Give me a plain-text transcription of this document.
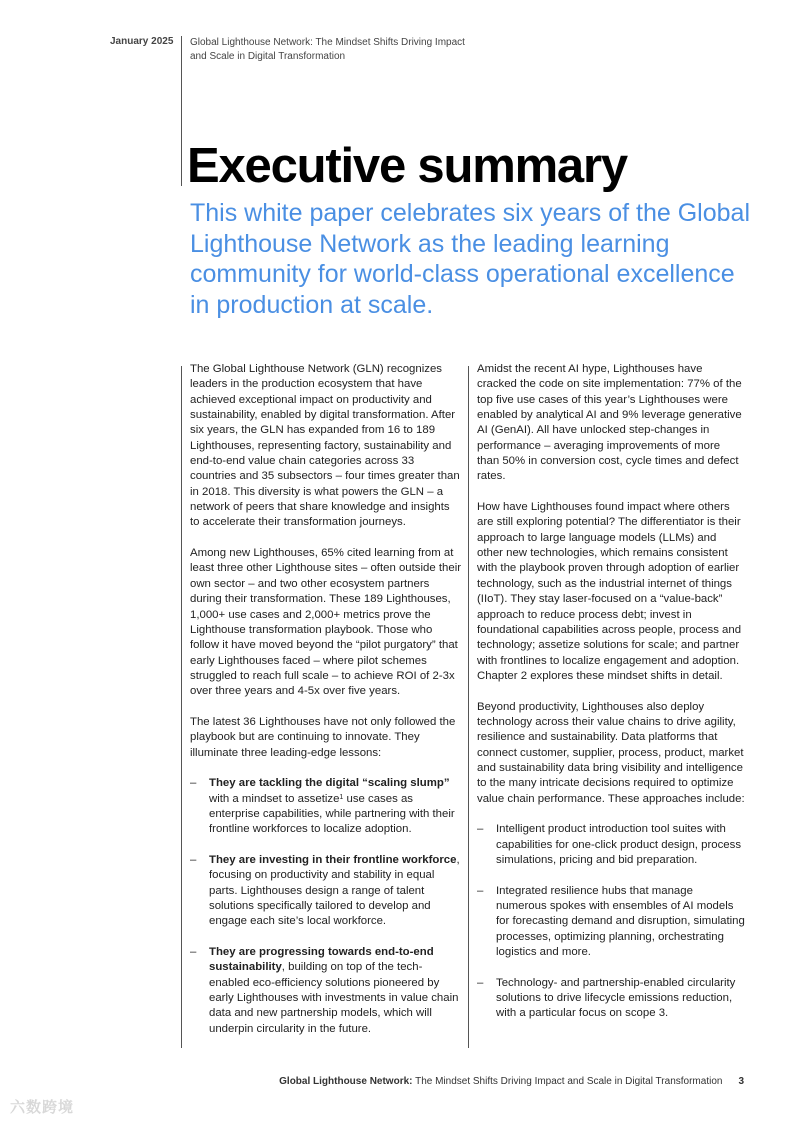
January 2025 Global Lighthouse Network: The Mindset Shifts Driving Impact and Scale in Digital Transformation
Executive summary

This white paper celebrates six years of the Global Lighthouse Network as the leading learning community for world-class operational excellence in production at scale.

The Global Lighthouse Network (GLN) recognizes leaders in the production ecosystem that have achieved exceptional impact on productivity and sustainability, enabled by digital transformation. After six years, the GLN has expanded from 16 to 189 Lighthouses, representing factory, sustainability and end-to-end value chain categories across 33 countries and 35 subsectors – four times greater than in 2018. This diversity is what powers the GLN – a network of peers that share knowledge and insights to accelerate their transformation journeys.

Among new Lighthouses, 65% cited learning from at least three other Lighthouse sites – often outside their own sector – and two other ecosystem partners during their transformation. These 189 Lighthouses, 1,000+ use cases and 2,000+ metrics prove the Lighthouse transformation playbook. Those who follow it have moved beyond the “pilot purgatory” that early Lighthouses faced – where pilot schemes struggled to reach full scale – to achieve ROI of 2-3x over three years and 4-5x over five years.

The latest 36 Lighthouses have not only followed the playbook but are continuing to innovate. They illuminate three leading-edge lessons:

– They are tackling the digital “scaling slump” with a mindset to assetize$^1$ use cases as enterprise capabilities, while partnering with their frontline workforces to localize adoption.
– They are investing in their frontline workforce, focusing on productivity and stability in equal parts. Lighthouses design a range of talent solutions specifically tailored to develop and engage each site’s local workforce.
– They are progressing towards end-to-end sustainability, building on top of the tech-enabled eco-efficiency solutions pioneered by early Lighthouses with investments in value chain data and new partnership models, which will underpin circularity in the future.

Amidst the recent AI hype, Lighthouses have cracked the code on site implementation: 77% of the top five use cases of this year’s Lighthouses were enabled by analytical AI and 9% leverage generative AI (GenAI). All have unlocked step-changes in performance – averaging improvements of more than 50% in conversion cost, cycle times and defect rates.

How have Lighthouses found impact where others are still exploring potential? The differentiator is their approach to large language models (LLMs) and other new technologies, which remains consistent with the playbook proven through adoption of earlier technology, such as the industrial internet of things (IIoT). They stay laser-focused on a “value-back” approach to reduce process debt; invest in foundational capabilities across people, process and technology; assetize solutions for scale; and partner with frontlines to localize engagement and adoption. Chapter 2 explores these mindset shifts in detail.

Beyond productivity, Lighthouses also deploy technology across their value chains to drive agility, resilience and sustainability. Data platforms that connect customer, supplier, process, product, market and sustainability data bring visibility and intelligence to the many intricate decisions required to optimize value chain performance. These approaches include:

– Intelligent product introduction tool suites with capabilities for one-click product design, process simulations, pricing and bid preparation.
– Integrated resilience hubs that manage numerous spokes with ensembles of AI models for forecasting demand and disruption, simulating processes, optimizing planning, orchestrating logistics and more.
– Technology- and partnership-enabled circularity solutions to drive lifecycle emissions reduction, with a particular focus on scope 3.
Global Lighthouse Network: The Mindset Shifts Driving Impact and Scale in Digital Transformation 3
六数跨境
